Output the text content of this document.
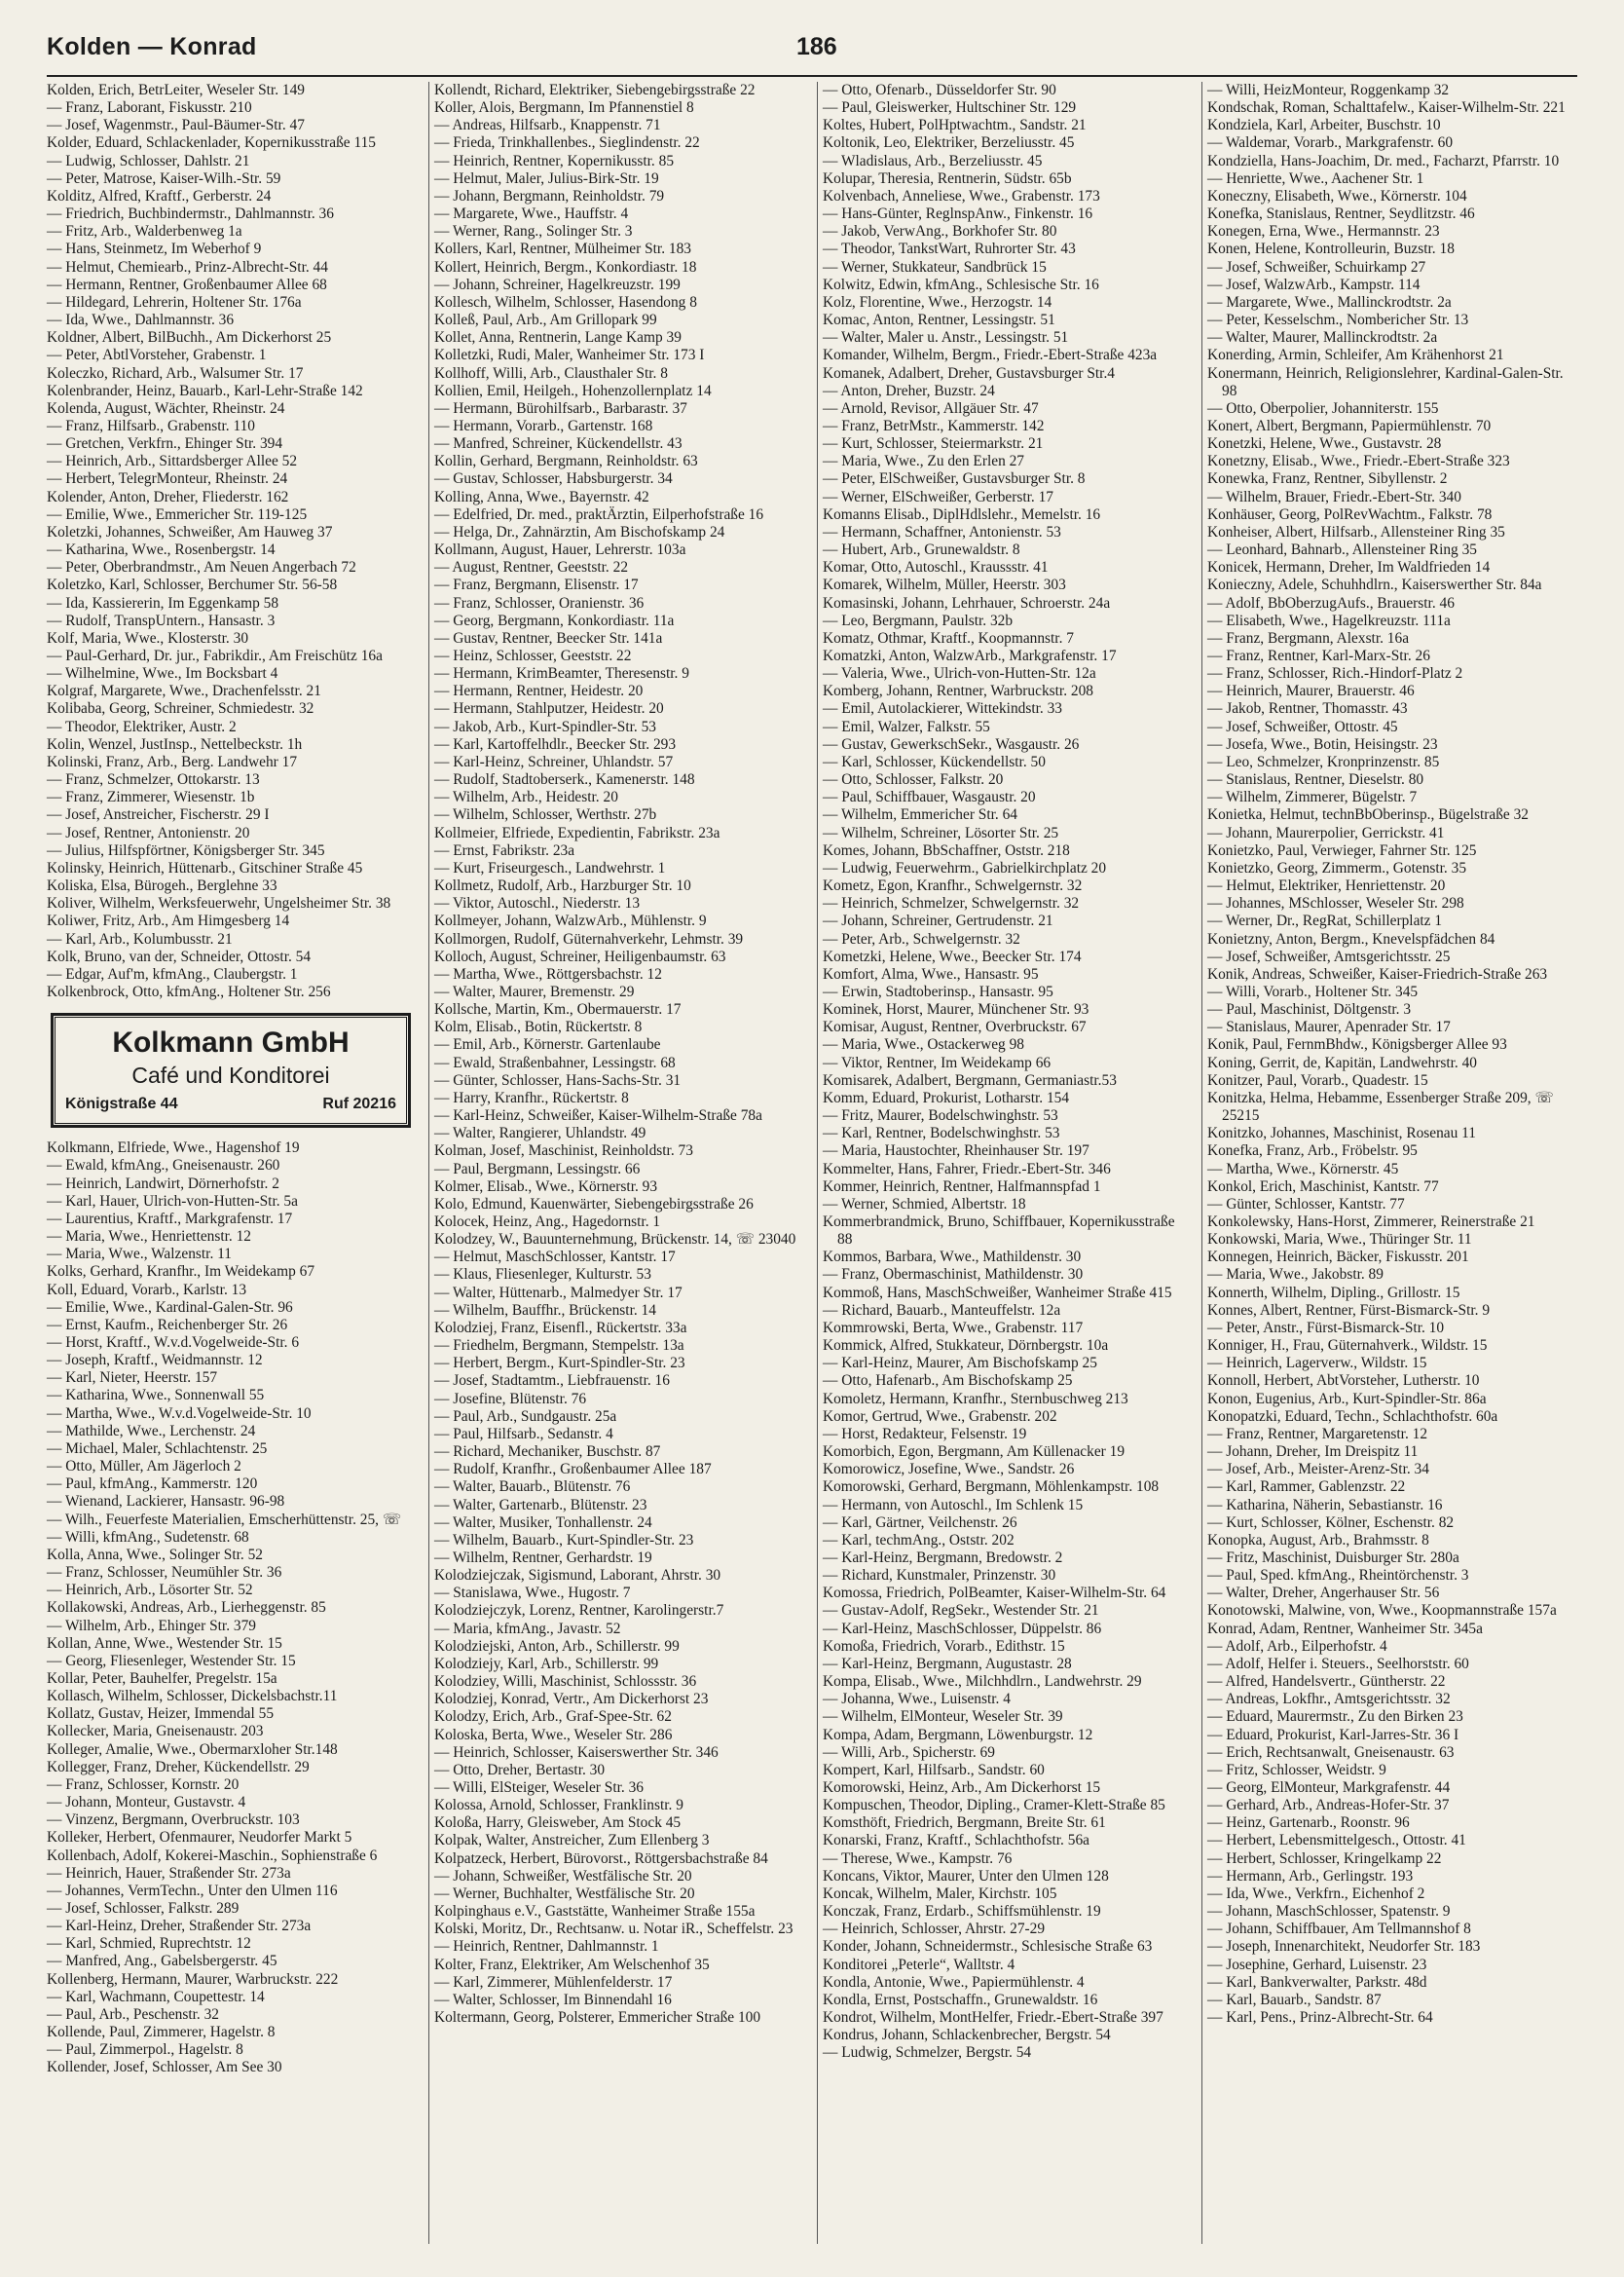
Kolden — Konrad	186
Kolden, Erich, BetrLeiter, Weseler Str. 149
— Franz, Laborant, Fiskusstr. 210
— Josef, Wagenmstr., Paul-Bäumer-Str. 47
Kolder, Eduard, Schlackenlader, Kopernikusstraße 115
— Ludwig, Schlosser, Dahlstr. 21
— Peter, Matrose, Kaiser-Wilh.-Str. 59
Kolditz, Alfred, Kraftf., Gerberstr. 24
— Friedrich, Buchbindermstr., Dahlmannstr. 36
— Fritz, Arb., Walderbenweg 1a
— Hans, Steinmetz, Im Weberhof 9
— Helmut, Chemiearb., Prinz-Albrecht-Str. 44
— Hermann, Rentner, Großenbaumer Allee 68
— Hildegard, Lehrerin, Holtener Str. 176a
— Ida, Wwe., Dahlmannstr. 36
Koldner, Albert, BilBuchh., Am Dickerhorst 25
— Peter, AbtlVorsteher, Grabenstr. 1
Koleczko, Richard, Arb., Walsumer Str. 17
Kolenbrander, Heinz, Bauarb., Karl-Lehr-Straße 142
Kolenda, August, Wächter, Rheinstr. 24
— Franz, Hilfsarb., Grabenstr. 110
— Gretchen, Verkfrn., Ehinger Str. 394
— Heinrich, Arb., Sittardsberger Allee 52
— Herbert, TelegrMonteur, Rheinstr. 24
Kolender, Anton, Dreher, Fliederstr. 162
— Emilie, Wwe., Emmericher Str. 119-125
Koletzki, Johannes, Schweißer, Am Hauweg 37
— Katharina, Wwe., Rosenbergstr. 14
— Peter, Oberbrandmstr., Am Neuen Angerbach 72
Koletzko, Karl, Schlosser, Berchumer Str. 56-58
— Ida, Kassiererin, Im Eggenkamp 58
— Rudolf, TranspUntern., Hansastr. 3
Kolf, Maria, Wwe., Klosterstr. 30
— Paul-Gerhard, Dr. jur., Fabrikdir., Am Freischütz 16a
— Wilhelmine, Wwe., Im Bocksbart 4
Kolgraf, Margarete, Wwe., Drachenfelsstr. 21
Kolibaba, Georg, Schreiner, Schmiedestr. 32
— Theodor, Elektriker, Austr. 2
Kolin, Wenzel, JustInsp., Nettelbeckstr. 1h
Kolinski, Franz, Arb., Berg. Landwehr 17
— Franz, Schmelzer, Ottokarstr. 13
— Franz, Zimmerer, Wiesenstr. 1b
— Josef, Anstreicher, Fischerstr. 29 I
— Josef, Rentner, Antonienstr. 20
— Julius, Hilfspförtner, Königsberger Str. 345
Kolinsky, Heinrich, Hüttenarb., Gitschiner Straße 45
Koliska, Elsa, Bürogeh., Berglehne 33
Koliver, Wilhelm, Werksfeuerwehr, Ungelsheimer Str. 38
Koliwer, Fritz, Arb., Am Himgesberg 14
— Karl, Arb., Kolumbusstr. 21
Kolk, Bruno, van der, Schneider, Ottostr. 54
— Edgar, Auf'm, kfmAng., Claubergstr. 1
Kolkenbrock, Otto, kfmAng., Holtener Str. 256
Kolkmann GmbH
Café und Konditorei
Königstraße 44	Ruf 20216
Kolkmann, Elfriede, Wwe., Hagenshof 19
— Ewald, kfmAng., Gneisenaustr. 260
— Heinrich, Landwirt, Dörnerhofstr. 2
— Karl, Hauer, Ulrich-von-Hutten-Str. 5a
— Laurentius, Kraftf., Markgrafenstr. 17
— Maria, Wwe., Henriettenstr. 12
— Maria, Wwe., Walzenstr. 11
Kolks, Gerhard, Kranfhr., Im Weidekamp 67
Koll, Eduard, Vorarb., Karlstr. 13
— Emilie, Wwe., Kardinal-Galen-Str. 96
— Ernst, Kaufm., Reichenberger Str. 26
— Horst, Kraftf., W.v.d.Vogelweide-Str. 6
— Joseph, Kraftf., Weidmannstr. 12
— Karl, Nieter, Heerstr. 157
— Katharina, Wwe., Sonnenwall 55
— Martha, Wwe., W.v.d.Vogelweide-Str. 10
— Mathilde, Wwe., Lerchenstr. 24
— Michael, Maler, Schlachtenstr. 25
— Otto, Müller, Am Jägerloch 2
— Paul, kfmAng., Kammerstr. 120
— Wienand, Lackierer, Hansastr. 96-98
— Wilh., Feuerfeste Materialien, Emscherhüttenstr. 25, ☏
— Willi, kfmAng., Sudetenstr. 68
Kolla, Anna, Wwe., Solinger Str. 52
— Franz, Schlosser, Neumühler Str. 36
— Heinrich, Arb., Lösorter Str. 52
Kollakowski, Andreas, Arb., Lierheggenstr. 85
— Wilhelm, Arb., Ehinger Str. 379
Kollan, Anne, Wwe., Westender Str. 15
— Georg, Fliesenleger, Westender Str. 15
Kollar, Peter, Bauhelfer, Pregelstr. 15a
Kollasch, Wilhelm, Schlosser, Dickelsbachstr.11
Kollatz, Gustav, Heizer, Immendal 55
Kollecker, Maria, Gneisenaustr. 203
Kolleger, Amalie, Wwe., Obermarxloher Str.148
Kollegger, Franz, Dreher, Kückendellstr. 29
— Franz, Schlosser, Kornstr. 20
— Johann, Monteur, Gustavstr. 4
— Vinzenz, Bergmann, Overbruckstr. 103
Kolleker, Herbert, Ofenmaurer, Neudorfer Markt 5
Kollenbach, Adolf, Kokerei-Maschin., Sophienstraße 6
— Heinrich, Hauer, Straßender Str. 273a
— Johannes, VermTechn., Unter den Ulmen 116
— Josef, Schlosser, Falkstr. 289
— Karl-Heinz, Dreher, Straßender Str. 273a
— Karl, Schmied, Ruprechtstr. 12
— Manfred, Ang., Gabelsbergerstr. 45
Kollenberg, Hermann, Maurer, Warbruckstr. 222
— Karl, Wachmann, Coupettestr. 14
— Paul, Arb., Peschenstr. 32
Kollende, Paul, Zimmerer, Hagelstr. 8
— Paul, Zimmerpol., Hagelstr. 8
Kollender, Josef, Schlosser, Am See 30
Kollendt, Richard, Elektriker, Siebengebirgsstraße 22
Koller, Alois, Bergmann, Im Pfannenstiel 8
— Andreas, Hilfsarb., Knappenstr. 71
— Frieda, Trinkhallenbes., Sieglindenstr. 22
— Heinrich, Rentner, Kopernikusstr. 85
— Helmut, Maler, Julius-Birk-Str. 19
— Johann, Bergmann, Reinholdstr. 79
— Margarete, Wwe., Hauffstr. 4
— Werner, Rang., Solinger Str. 3
Kollers, Karl, Rentner, Mülheimer Str. 183
Kollert, Heinrich, Bergm., Konkordiastr. 18
— Johann, Schreiner, Hagelkreuzstr. 199
Kollesch, Wilhelm, Schlosser, Hasendong 8
Kolleß, Paul, Arb., Am Grillopark 99
Kollet, Anna, Rentnerin, Lange Kamp 39
Kolletzki, Rudi, Maler, Wanheimer Str. 173 I
Kollhoff, Willi, Arb., Clausthaler Str. 8
Kollien, Emil, Heilgeh., Hohenzollernplatz 14
— Hermann, Bürohilfsarb., Barbarastr. 37
— Hermann, Vorarb., Gartenstr. 168
— Manfred, Schreiner, Kückendellstr. 43
Kollin, Gerhard, Bergmann, Reinholdstr. 63
— Gustav, Schlosser, Habsburgerstr. 34
Kolling, Anna, Wwe., Bayernstr. 42
— Edelfried, Dr. med., praktÄrztin, Eilperhofstraße 16
— Helga, Dr., Zahnärztin, Am Bischofskamp 24
Kollmann, August, Hauer, Lehrerstr. 103a
— August, Rentner, Geeststr. 22
— Franz, Bergmann, Elisenstr. 17
— Franz, Schlosser, Oranienstr. 36
— Georg, Bergmann, Konkordiastr. 11a
— Gustav, Rentner, Beecker Str. 141a
— Heinz, Schlosser, Geeststr. 22
— Hermann, KrimBeamter, Theresenstr. 9
— Hermann, Rentner, Heidestr. 20
— Hermann, Stahlputzer, Heidestr. 20
— Jakob, Arb., Kurt-Spindler-Str. 53
— Karl, Kartoffelhdlr., Beecker Str. 293
— Karl-Heinz, Schreiner, Uhlandstr. 57
— Rudolf, Stadtoberserk., Kamenerstr. 148
— Wilhelm, Arb., Heidestr. 20
— Wilhelm, Schlosser, Werthstr. 27b
Kollmeier, Elfriede, Expedientin, Fabrikstr. 23a
— Ernst, Fabrikstr. 23a
— Kurt, Friseurgesch., Landwehrstr. 1
Kollmetz, Rudolf, Arb., Harzburger Str. 10
— Viktor, Autoschl., Niederstr. 13
Kollmeyer, Johann, WalzwArb., Mühlenstr. 9
Kollmorgen, Rudolf, Güternahverkehr, Lehmstr. 39
Kolloch, August, Schreiner, Heiligenbaumstr. 63
— Martha, Wwe., Röttgersbachstr. 12
— Walter, Maurer, Bremenstr. 29
Kollsche, Martin, Km., Obermauerstr. 17
Kolm, Elisab., Botin, Rückertstr. 8
— Emil, Arb., Körnerstr. Gartenlaube
— Ewald, Straßenbahner, Lessingstr. 68
— Günter, Schlosser, Hans-Sachs-Str. 31
— Harry, Kranfhr., Rückertstr. 8
— Karl-Heinz, Schweißer, Kaiser-Wilhelm-Straße 78a
— Walter, Rangierer, Uhlandstr. 49
Kolman, Josef, Maschinist, Reinholdstr. 73
— Paul, Bergmann, Lessingstr. 66
Kolmer, Elisab., Wwe., Körnerstr. 93
Kolo, Edmund, Kauenwärter, Siebengebirgsstraße 26
Kolocek, Heinz, Ang., Hagedornstr. 1
Kolodzey, W., Bauunternehmung, Brückenstr. 14, ☏ 23040
— Helmut, MaschSchlosser, Kantstr. 17
— Klaus, Fliesenleger, Kulturstr. 53
— Walter, Hüttenarb., Malmedyer Str. 17
— Wilhelm, Bauffhr., Brückenstr. 14
Kolodziej, Franz, Eisenfl., Rückertstr. 33a
— Friedhelm, Bergmann, Stempelstr. 13a
— Herbert, Bergm., Kurt-Spindler-Str. 23
— Josef, Stadtamtm., Liebfrauenstr. 16
— Josefine, Blütenstr. 76
— Paul, Arb., Sundgaustr. 25a
— Paul, Hilfsarb., Sedanstr. 4
— Richard, Mechaniker, Buschstr. 87
— Rudolf, Kranfhr., Großenbaumer Allee 187
— Walter, Bauarb., Blütenstr. 76
— Walter, Gartenarb., Blütenstr. 23
— Walter, Musiker, Tonhallenstr. 24
— Wilhelm, Bauarb., Kurt-Spindler-Str. 23
— Wilhelm, Rentner, Gerhardstr. 19
Kolodziejczak, Sigismund, Laborant, Ahrstr. 30
— Stanislawa, Wwe., Hugostr. 7
Kolodziejczyk, Lorenz, Rentner, Karolingerstr.7
— Maria, kfmAng., Javastr. 52
Kolodziejski, Anton, Arb., Schillerstr. 99
Kolodziejy, Karl, Arb., Schillerstr. 99
Kolodziey, Willi, Maschinist, Schlossstr. 36
Kolodziej, Konrad, Vertr., Am Dickerhorst 23
Kolodzy, Erich, Arb., Graf-Spee-Str. 62
Koloska, Berta, Wwe., Weseler Str. 286
— Heinrich, Schlosser, Kaiserswerther Str. 346
— Otto, Dreher, Bertastr. 30
— Willi, ElSteiger, Weseler Str. 36
Kolossa, Arnold, Schlosser, Franklinstr. 9
Koloßa, Harry, Gleisweber, Am Stock 45
Kolpak, Walter, Anstreicher, Zum Ellenberg 3
Kolpatzeck, Herbert, Bürovorst., Röttgersbachstraße 84
— Johann, Schweißer, Westfälische Str. 20
— Werner, Buchhalter, Westfälische Str. 20
Kolpinghaus e.V., Gaststätte, Wanheimer Straße 155a
Kolski, Moritz, Dr., Rechtsanw. u. Notar iR., Scheffelstr. 23
— Heinrich, Rentner, Dahlmannstr. 1
Kolter, Franz, Elektriker, Am Welschenhof 35
— Karl, Zimmerer, Mühlenfelderstr. 17
— Walter, Schlosser, Im Binnendahl 16
Koltermann, Georg, Polsterer, Emmericher Straße 100
— Otto, Ofenarb., Düsseldorfer Str. 90
— Paul, Gleiswerker, Hultschiner Str. 129
Koltes, Hubert, PolHptwachtm., Sandstr. 21
Koltonik, Leo, Elektriker, Berzeliusstr. 45
— Wladislaus, Arb., Berzeliusstr. 45
Kolupar, Theresia, Rentnerin, Südstr. 65b
Kolvenbach, Anneliese, Wwe., Grabenstr. 173
— Hans-Günter, ReglnspAnw., Finkenstr. 16
— Jakob, VerwAng., Borkhofer Str. 80
— Theodor, TankstWart, Ruhrorter Str. 43
— Werner, Stukkateur, Sandbrück 15
Kolwitz, Edwin, kfmAng., Schlesische Str. 16
Kolz, Florentine, Wwe., Herzogstr. 14
Komac, Anton, Rentner, Lessingstr. 51
— Walter, Maler u. Anstr., Lessingstr. 51
Komander, Wilhelm, Bergm., Friedr.-Ebert-Straße 423a
Komanek, Adalbert, Dreher, Gustavsburger Str.4
— Anton, Dreher, Buzstr. 24
— Arnold, Revisor, Allgäuer Str. 47
— Franz, BetrMstr., Kammerstr. 142
— Kurt, Schlosser, Steiermarkstr. 21
— Maria, Wwe., Zu den Erlen 27
— Peter, ElSchweißer, Gustavsburger Str. 8
— Werner, ElSchweißer, Gerberstr. 17
Komanns Elisab., DiplHdlslehr., Memelstr. 16
— Hermann, Schaffner, Antonienstr. 53
— Hubert, Arb., Grunewaldstr. 8
Komar, Otto, Autoschl., Kraussstr. 41
Komarek, Wilhelm, Müller, Heerstr. 303
Komasinski, Johann, Lehrhauer, Schroerstr. 24a
— Leo, Bergmann, Paulstr. 32b
Komatz, Othmar, Kraftf., Koopmannstr. 7
Komatzki, Anton, WalzwArb., Markgrafenstr. 17
— Valeria, Wwe., Ulrich-von-Hutten-Str. 12a
Komberg, Johann, Rentner, Warbruckstr. 208
— Emil, Autolackierer, Wittekindstr. 33
— Emil, Walzer, Falkstr. 55
— Gustav, GewerkschSekr., Wasgaustr. 26
— Karl, Schlosser, Kückendellstr. 50
— Otto, Schlosser, Falkstr. 20
— Paul, Schiffbauer, Wasgaustr. 20
— Wilhelm, Emmericher Str. 64
— Wilhelm, Schreiner, Lösorter Str. 25
Komes, Johann, BbSchaffner, Oststr. 218
— Ludwig, Feuerwehrm., Gabrielkirchplatz 20
Kometz, Egon, Kranfhr., Schwelgernstr. 32
— Heinrich, Schmelzer, Schwelgernstr. 32
— Johann, Schreiner, Gertrudenstr. 21
— Peter, Arb., Schwelgernstr. 32
Kometzki, Helene, Wwe., Beecker Str. 174
Komfort, Alma, Wwe., Hansastr. 95
— Erwin, Stadtoberinsp., Hansastr. 95
Kominek, Horst, Maurer, Münchener Str. 93
Komisar, August, Rentner, Overbruckstr. 67
— Maria, Wwe., Ostackerweg 98
— Viktor, Rentner, Im Weidekamp 66
Komisarek, Adalbert, Bergmann, Germaniastr.53
Komm, Eduard, Prokurist, Lotharstr. 154
— Fritz, Maurer, Bodelschwinghstr. 53
— Karl, Rentner, Bodelschwinghstr. 53
— Maria, Haustochter, Rheinhauser Str. 197
Kommelter, Hans, Fahrer, Friedr.-Ebert-Str. 346
Kommer, Heinrich, Rentner, Halfmannspfad 1
— Werner, Schmied, Albertstr. 18
Kommerbrandmick, Bruno, Schiffbauer, Kopernikusstraße 88
Kommos, Barbara, Wwe., Mathildenstr. 30
— Franz, Obermaschinist, Mathildenstr. 30
Kommoß, Hans, MaschSchweißer, Wanheimer Straße 415
— Richard, Bauarb., Manteuffelstr. 12a
Kommrowski, Berta, Wwe., Grabenstr. 117
Kommick, Alfred, Stukkateur, Dörnbergstr. 10a
— Karl-Heinz, Maurer, Am Bischofskamp 25
— Otto, Hafenarb., Am Bischofskamp 25
Komoletz, Hermann, Kranfhr., Sternbuschweg 213
Komor, Gertrud, Wwe., Grabenstr. 202
— Horst, Redakteur, Felsenstr. 19
Komorbich, Egon, Bergmann, Am Küllenacker 19
Komorowicz, Josefine, Wwe., Sandstr. 26
Komorowski, Gerhard, Bergmann, Möhlenkampstr. 108
— Hermann, von Autoschl., Im Schlenk 15
— Karl, Gärtner, Veilchenstr. 26
— Karl, techmAng., Oststr. 202
— Karl-Heinz, Bergmann, Bredowstr. 2
— Richard, Kunstmaler, Prinzenstr. 30
Komossa, Friedrich, PolBeamter, Kaiser-Wilhelm-Str. 64
— Gustav-Adolf, RegSekr., Westender Str. 21
— Karl-Heinz, MaschSchlosser, Düppelstr. 86
Komoßa, Friedrich, Vorarb., Edithstr. 15
— Karl-Heinz, Bergmann, Augustastr. 28
Kompa, Elisab., Wwe., Milchhdlrn., Landwehrstr. 29
— Johanna, Wwe., Luisenstr. 4
— Wilhelm, ElMonteur, Weseler Str. 39
Kompa, Adam, Bergmann, Löwenburgstr. 12
— Willi, Arb., Spicherstr. 69
Kompert, Karl, Hilfsarb., Sandstr. 60
Komorowski, Heinz, Arb., Am Dickerhorst 15
Kompuschen, Theodor, Dipling., Cramer-Klett-Straße 85
Komsthöft, Friedrich, Bergmann, Breite Str. 61
Konarski, Franz, Kraftf., Schlachthofstr. 56a
— Therese, Wwe., Kampstr. 76
Koncans, Viktor, Maurer, Unter den Ulmen 128
Koncak, Wilhelm, Maler, Kirchstr. 105
Konczak, Franz, Erdarb., Schiffsmühlenstr. 19
— Heinrich, Schlosser, Ahrstr. 27-29
Konder, Johann, Schneidermstr., Schlesische Straße 63
Konditorei „Peterle“, Walltstr. 4
Kondla, Antonie, Wwe., Papiermühlenstr. 4
Kondla, Ernst, Postschaffn., Grunewaldstr. 16
Kondrot, Wilhelm, MontHelfer, Friedr.-Ebert-Straße 397
Kondrus, Johann, Schlackenbrecher, Bergstr. 54
— Ludwig, Schmelzer, Bergstr. 54
— Willi, HeizMonteur, Roggenkamp 32
Kondschak, Roman, Schalttafelw., Kaiser-Wilhelm-Str. 221
Kondziela, Karl, Arbeiter, Buschstr. 10
— Waldemar, Vorarb., Markgrafenstr. 60
Kondziella, Hans-Joachim, Dr. med., Facharzt, Pfarrstr. 10
— Henriette, Wwe., Aachener Str. 1
Koneczny, Elisabeth, Wwe., Körnerstr. 104
Konefka, Stanislaus, Rentner, Seydlitzstr. 46
Konegen, Erna, Wwe., Hermannstr. 23
Konen, Helene, Kontrolleurin, Buzstr. 18
— Josef, Schweißer, Schuirkamp 27
— Josef, WalzwArb., Kampstr. 114
— Margarete, Wwe., Mallinckrodtstr. 2a
— Peter, Kesselschm., Nombericher Str. 13
— Walter, Maurer, Mallinckrodtstr. 2a
Konerding, Armin, Schleifer, Am Krähenhorst 21
Konermann, Heinrich, Religionslehrer, Kardinal-Galen-Str. 98
— Otto, Oberpolier, Johanniterstr. 155
Konert, Albert, Bergmann, Papiermühlenstr. 70
Konetzki, Helene, Wwe., Gustavstr. 28
Konetzny, Elisab., Wwe., Friedr.-Ebert-Straße 323
Konewka, Franz, Rentner, Sibyllenstr. 2
— Wilhelm, Brauer, Friedr.-Ebert-Str. 340
Konhäuser, Georg, PolRevWachtm., Falkstr. 78
Konheiser, Albert, Hilfsarb., Allensteiner Ring 35
— Leonhard, Bahnarb., Allensteiner Ring 35
Konicek, Hermann, Dreher, Im Waldfrieden 14
Konieczny, Adele, Schuhhdlrn., Kaiserswerther Str. 84a
— Adolf, BbOberzugAufs., Brauerstr. 46
— Elisabeth, Wwe., Hagelkreuzstr. 111a
— Franz, Bergmann, Alexstr. 16a
— Franz, Rentner, Karl-Marx-Str. 26
— Franz, Schlosser, Rich.-Hindorf-Platz 2
— Heinrich, Maurer, Brauerstr. 46
— Jakob, Rentner, Thomasstr. 43
— Josef, Schweißer, Ottostr. 45
— Josefa, Wwe., Botin, Heisingstr. 23
— Leo, Schmelzer, Kronprinzenstr. 85
— Stanislaus, Rentner, Dieselstr. 80
— Wilhelm, Zimmerer, Bügelstr. 7
Konietka, Helmut, technBbOberinsp., Bügelstraße 32
— Johann, Maurerpolier, Gerrickstr. 41
Konietzko, Paul, Verwieger, Fahrner Str. 125
Konietzko, Georg, Zimmerm., Gotenstr. 35
— Helmut, Elektriker, Henriettenstr. 20
— Johannes, MSchlosser, Weseler Str. 298
— Werner, Dr., RegRat, Schillerplatz 1
Konietzny, Anton, Bergm., Knevelspfädchen 84
— Josef, Schweißer, Amtsgerichtsstr. 25
Konik, Andreas, Schweißer, Kaiser-Friedrich-Straße 263
— Willi, Vorarb., Holtener Str. 345
— Paul, Maschinist, Döltgenstr. 3
— Stanislaus, Maurer, Apenrader Str. 17
Konik, Paul, FernmBhdw., Königsberger Allee 93
Koning, Gerrit, de, Kapitän, Landwehrstr. 40
Konitzer, Paul, Vorarb., Quadestr. 15
Konitzka, Helma, Hebamme, Essenberger Straße 209, ☏ 25215
Konitzko, Johannes, Maschinist, Rosenau 11
Konefka, Franz, Arb., Fröbelstr. 95
— Martha, Wwe., Körnerstr. 45
Konkol, Erich, Maschinist, Kantstr. 77
— Günter, Schlosser, Kantstr. 77
Konkolewsky, Hans-Horst, Zimmerer, Reinerstraße 21
Konkowski, Maria, Wwe., Thüringer Str. 11
Konnegen, Heinrich, Bäcker, Fiskusstr. 201
— Maria, Wwe., Jakobstr. 89
Konnerth, Wilhelm, Dipling., Grillostr. 15
Konnes, Albert, Rentner, Fürst-Bismarck-Str. 9
— Peter, Anstr., Fürst-Bismarck-Str. 10
Konniger, H., Frau, Güternahverk., Wildstr. 15
— Heinrich, Lagerverw., Wildstr. 15
Konnoll, Herbert, AbtVorsteher, Lutherstr. 10
Konon, Eugenius, Arb., Kurt-Spindler-Str. 86a
Konopatzki, Eduard, Techn., Schlachthofstr. 60a
— Franz, Rentner, Margaretenstr. 12
— Johann, Dreher, Im Dreispitz 11
— Josef, Arb., Meister-Arenz-Str. 34
— Karl, Rammer, Gablenzstr. 22
— Katharina, Näherin, Sebastianstr. 16
— Kurt, Schlosser, Kölner, Eschenstr. 82
Konopka, August, Arb., Brahmsstr. 8
— Fritz, Maschinist, Duisburger Str. 280a
— Paul, Sped. kfmAng., Rheintörchenstr. 3
— Walter, Dreher, Angerhauser Str. 56
Konotowski, Malwine, von, Wwe., Koopmannstraße 157a
Konrad, Adam, Rentner, Wanheimer Str. 345a
— Adolf, Arb., Eilperhofstr. 4
— Adolf, Helfer i. Steuers., Seelhorststr. 60
— Alfred, Handelsvertr., Güntherstr. 22
— Andreas, Lokfhr., Amtsgerichtsstr. 32
— Eduard, Maurermstr., Zu den Birken 23
— Eduard, Prokurist, Karl-Jarres-Str. 36 I
— Erich, Rechtsanwalt, Gneisenaustr. 63
— Fritz, Schlosser, Weidstr. 9
— Georg, ElMonteur, Markgrafenstr. 44
— Gerhard, Arb., Andreas-Hofer-Str. 37
— Heinz, Gartenarb., Roonstr. 96
— Herbert, Lebensmittelgesch., Ottostr. 41
— Herbert, Schlosser, Kringelkamp 22
— Hermann, Arb., Gerlingstr. 193
— Ida, Wwe., Verkfrn., Eichenhof 2
— Johann, MaschSchlosser, Spatenstr. 9
— Johann, Schiffbauer, Am Tellmannshof 8
— Joseph, Innenarchitekt, Neudorfer Str. 183
— Josephine, Gerhard, Luisenstr. 23
— Karl, Bankverwalter, Parkstr. 48d
— Karl, Bauarb., Sandstr. 87
— Karl, Pens., Prinz-Albrecht-Str. 64
